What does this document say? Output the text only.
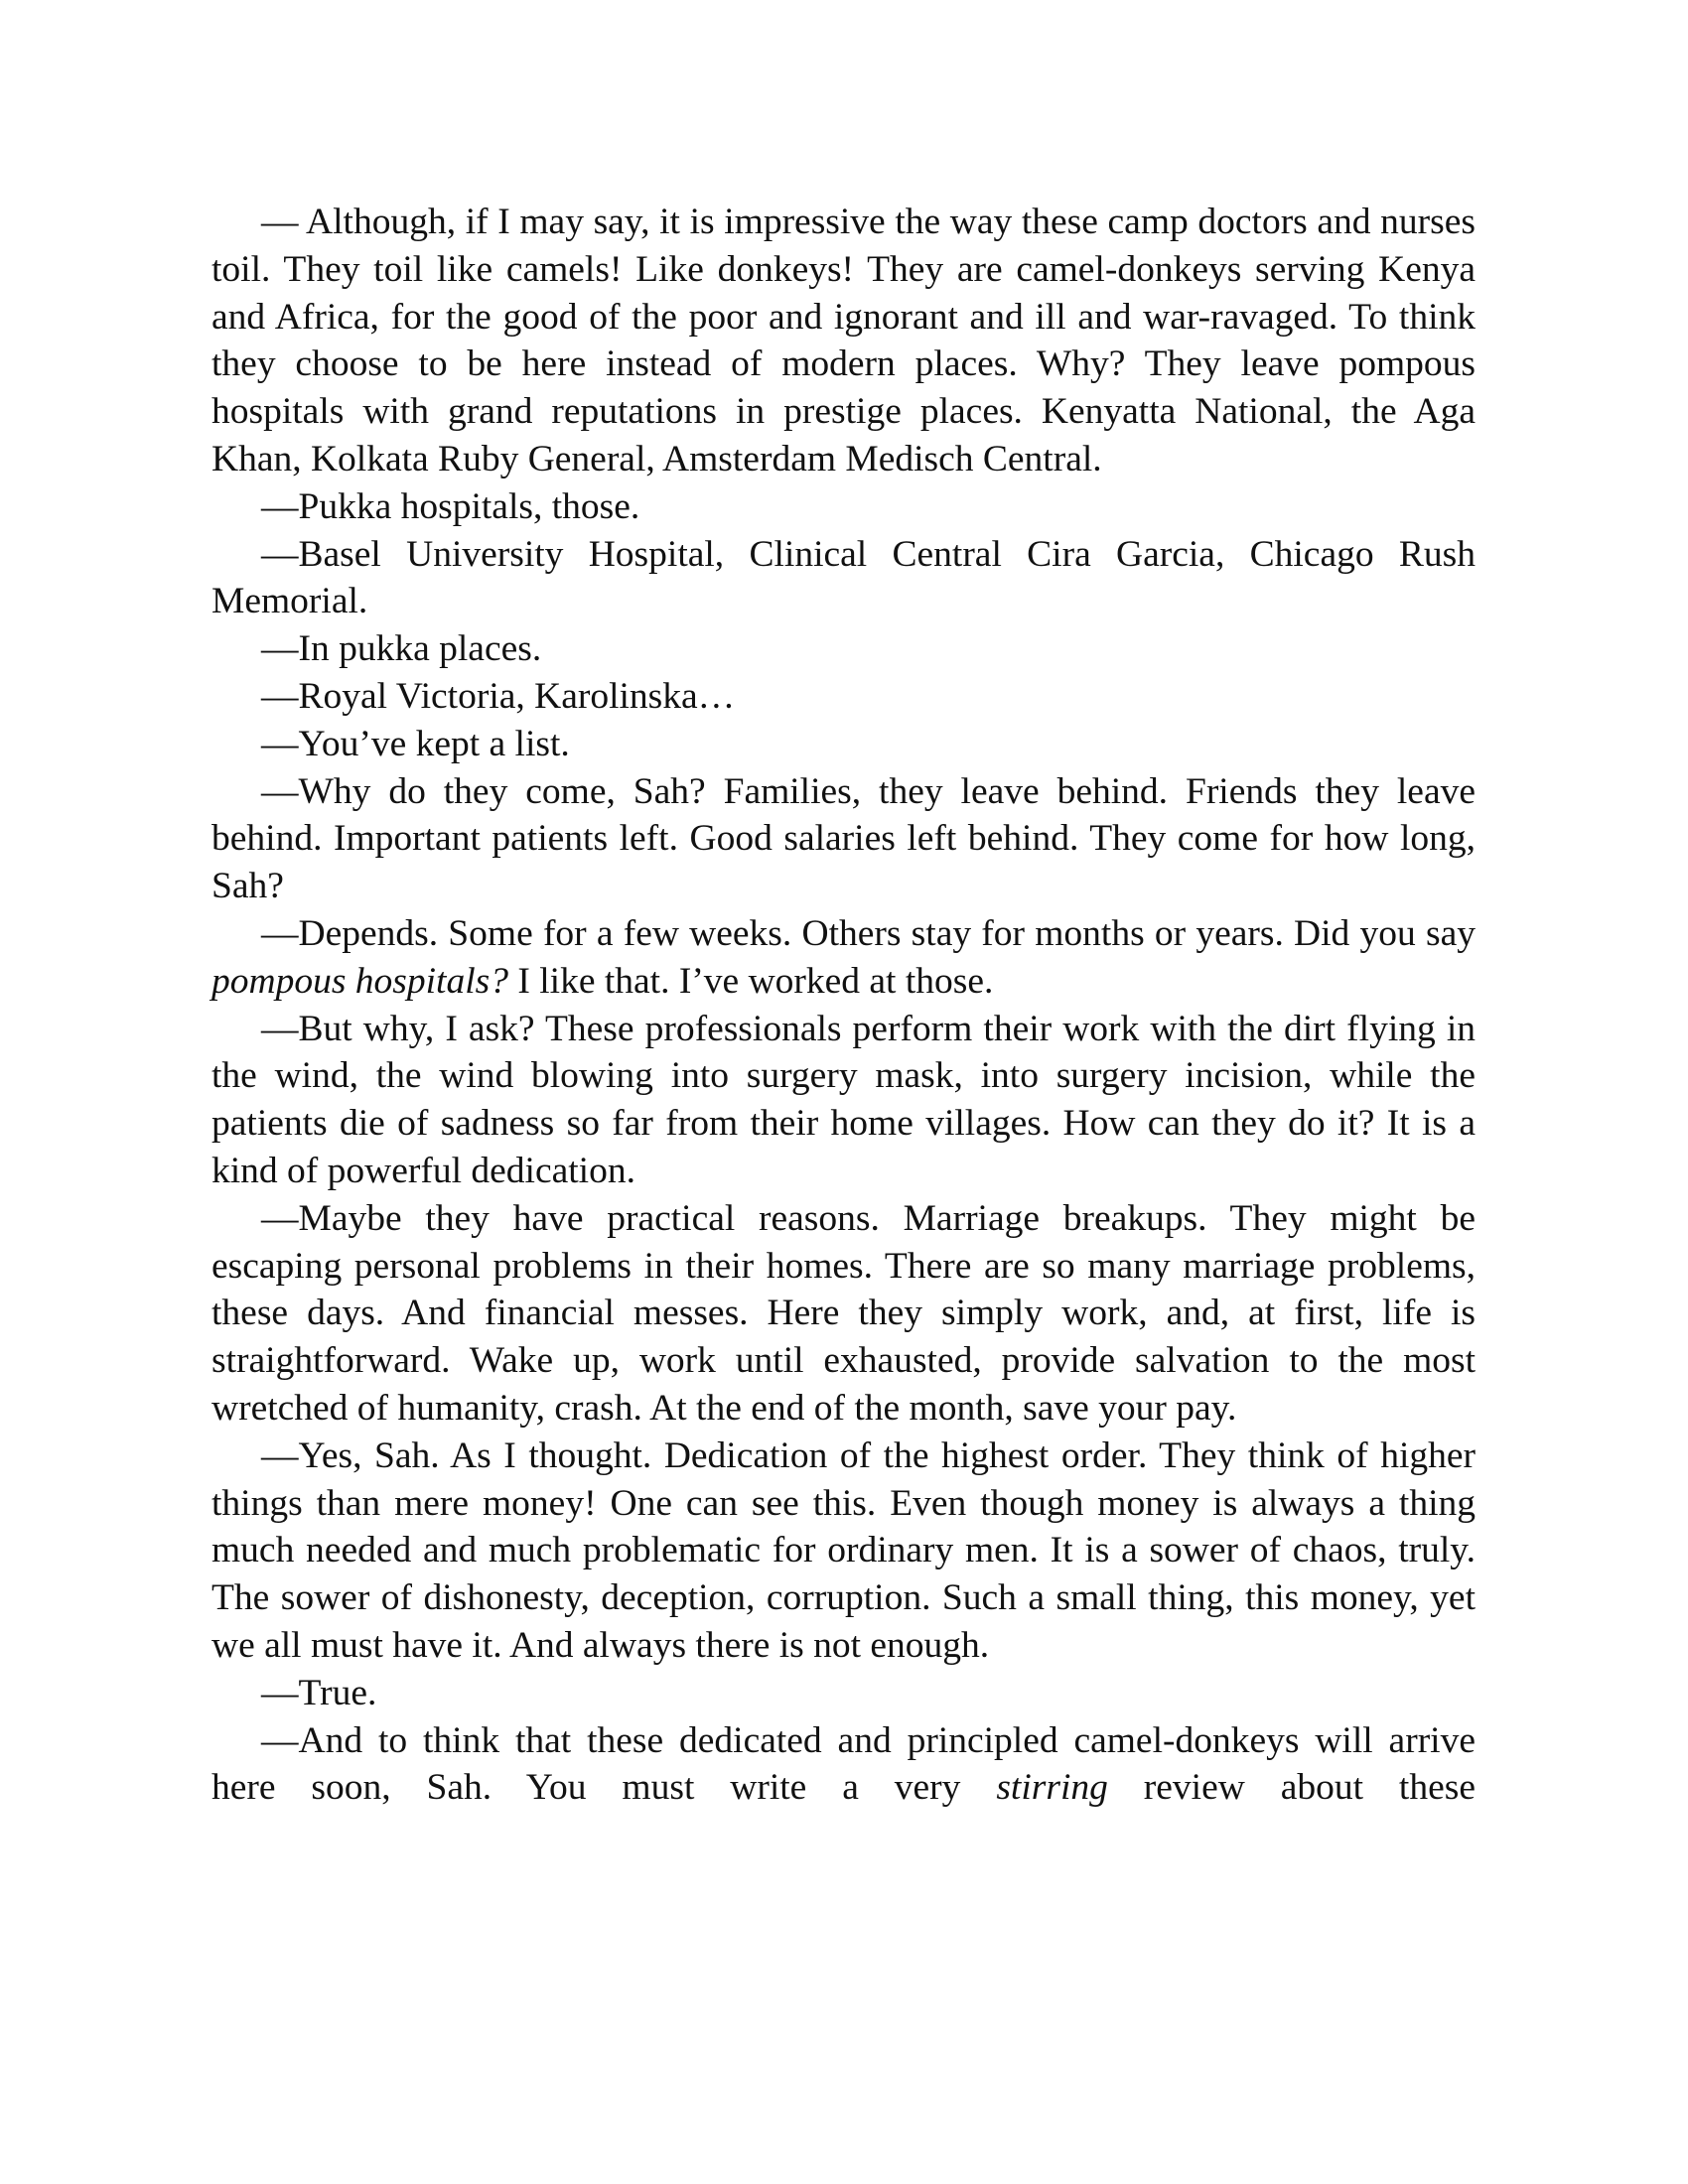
— Although, if I may say, it is impressive the way these camp doctors and nurses toil. They toil like camels! Like donkeys! They are camel-donkeys serving Kenya and Africa, for the good of the poor and ignorant and ill and war-ravaged. To think they choose to be here instead of modern places. Why? They leave pompous hospitals with grand reputations in prestige places. Kenyatta National, the Aga Khan, Kolkata Ruby General, Amsterdam Medisch Central.

—Pukka hospitals, those.

—Basel University Hospital, Clinical Central Cira Garcia, Chicago Rush Memorial.

—In pukka places.

—Royal Victoria, Karolinska…

—You’ve kept a list.

—Why do they come, Sah? Families, they leave behind. Friends they leave behind. Important patients left. Good salaries left behind. They come for how long, Sah?

—Depends. Some for a few weeks. Others stay for months or years. Did you say pompous hospitals? I like that. I’ve worked at those.

—But why, I ask? These professionals perform their work with the dirt flying in the wind, the wind blowing into surgery mask, into surgery incision, while the patients die of sadness so far from their home villages. How can they do it? It is a kind of powerful dedication.

—Maybe they have practical reasons. Marriage breakups. They might be escaping personal problems in their homes. There are so many marriage problems, these days. And financial messes. Here they simply work, and, at first, life is straightforward. Wake up, work until exhausted, provide salvation to the most wretched of humanity, crash. At the end of the month, save your pay.

—Yes, Sah. As I thought. Dedication of the highest order. They think of higher things than mere money! One can see this. Even though money is always a thing much needed and much problematic for ordinary men. It is a sower of chaos, truly. The sower of dishonesty, deception, corruption. Such a small thing, this money, yet we all must have it. And always there is not enough.

—True.

—And to think that these dedicated and principled camel-donkeys will arrive here soon, Sah. You must write a very stirring review about these
